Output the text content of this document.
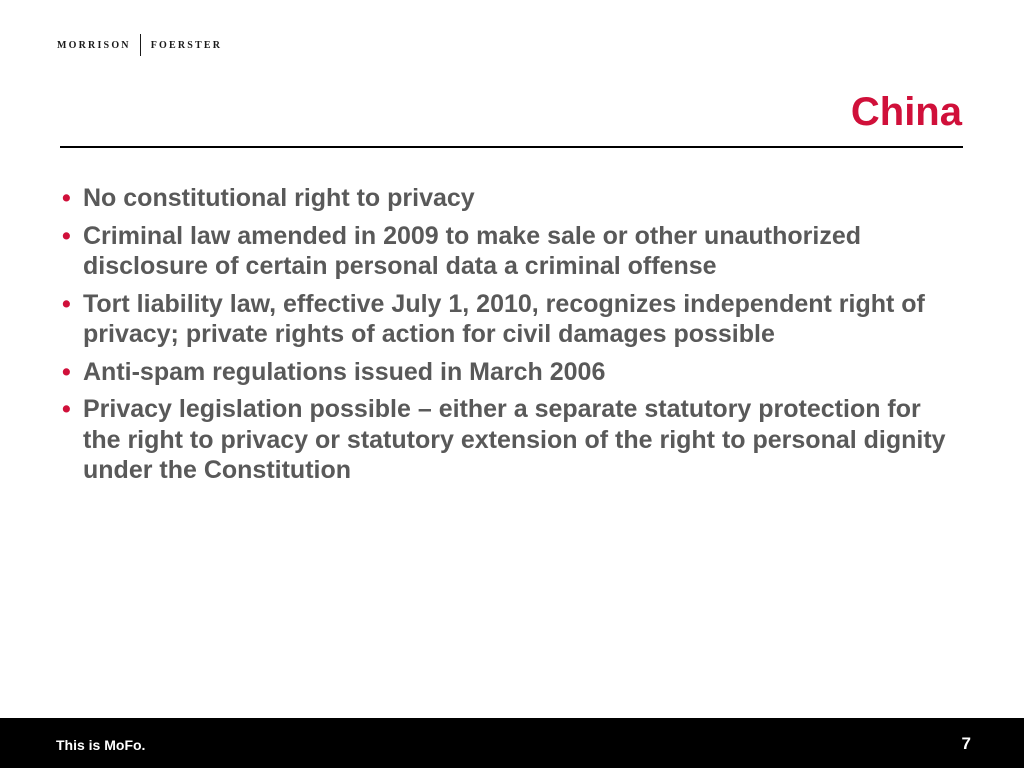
MORRISON FOERSTER
China
• No constitutional right to privacy
• Criminal law amended in 2009 to make sale or other unauthorized disclosure of certain personal data a criminal offense
• Tort liability law, effective July 1, 2010, recognizes independent right of privacy; private rights of action for civil damages possible
• Anti-spam regulations issued in March 2006
• Privacy legislation possible – either a separate statutory protection for the right to privacy or statutory extension of the right to personal dignity under the Constitution
This is MoFo.	7
